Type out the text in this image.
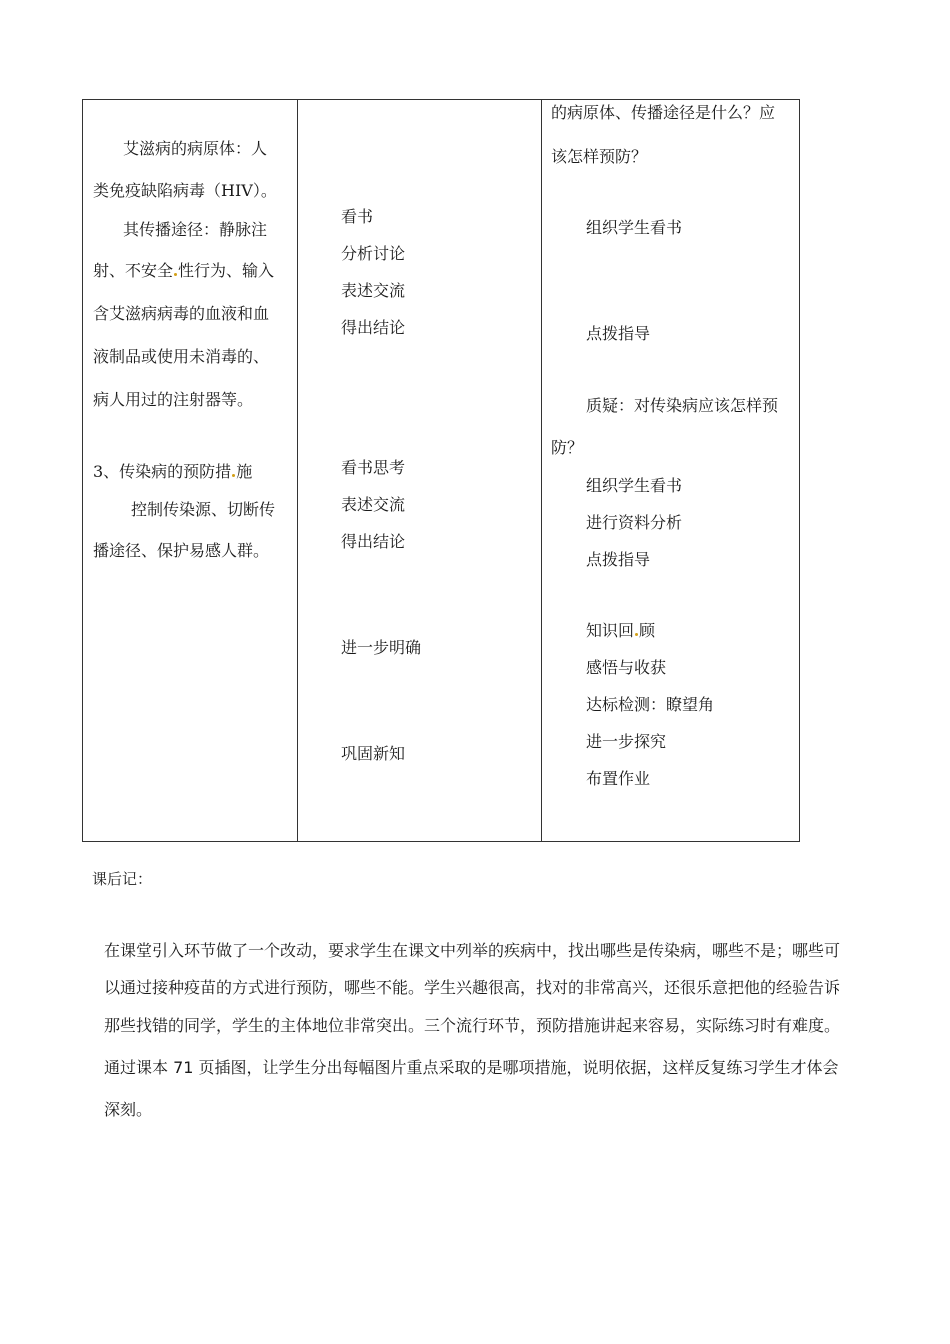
艾滋病的病原体：人
类免疫缺陷病毒（HIV）。
其传播途径：静脉注
射、不安全 性行为、输入
含艾滋病病毒的血液和血
液制品或使用未消毒的、
病人用过的注射器等。
3、传染病的预防措 施
控制传染源、切断传
播途径、保护易感人群。
看书
分析讨论
表述交流
得出结论
看书思考
表述交流
得出结论
进一步明确
巩固新知
的病原体、传播途径是什么？应
该怎样预防？
组织学生看书
点拨指导
质疑：对传染病应该怎样预
防？
组织学生看书
进行资料分析
点拨指导
知识回 顾
感悟与收获
达标检测：瞭望角
进一步探究
布置作业
课后记：
在课堂引入环节做了一个改动，要求学生在课文中列举的疾病中，找出哪些是传染病，哪些不是；哪些可
以通过接种疫苗的方式进行预防，哪些不能。学生兴趣很高，找对的非常高兴，还很乐意把他的经验告诉
那些找错的同学，学生的主体地位非常突出。三个流行环节，预防措施讲起来容易，实际练习时有难度。
通过课本 71 页插图，让学生分出每幅图片重点采取的是哪项措施，说明依据，这样反复练习学生才体会
深刻。
